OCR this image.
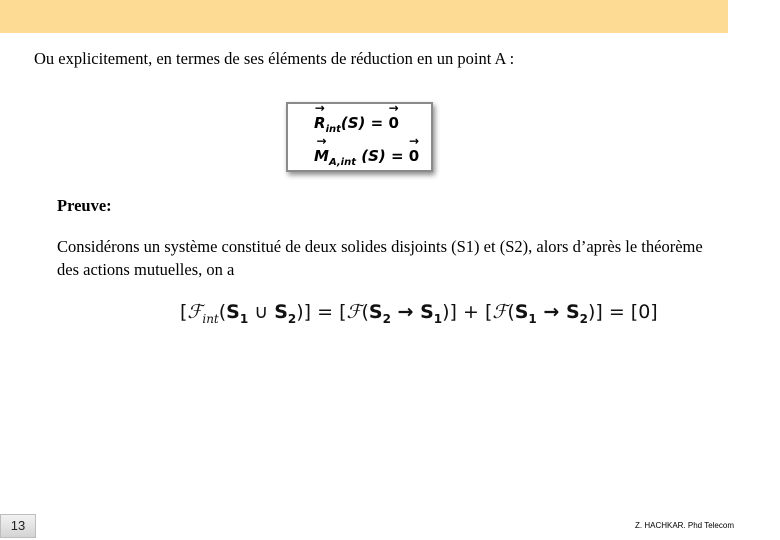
Ou explicitement, en termes de ses éléments de réduction en un point A :
→ $R_{int}(S)$ = → 0
→ $M_{A,int}$ (S) = → 0
Preuve:
Considérons un système constitué de deux solides disjoints (S1) et (S2), alors d’après le théorème des actions mutuelles, on a
[$ℱ_{int}(S_1$ ∪ $S_2$)] = $[ℱ(S_2 \to S_1)]$ + $[ℱ(S_1 \to S_2)] = [0]$
13	Z. HACHKAR. Phd Telecom
